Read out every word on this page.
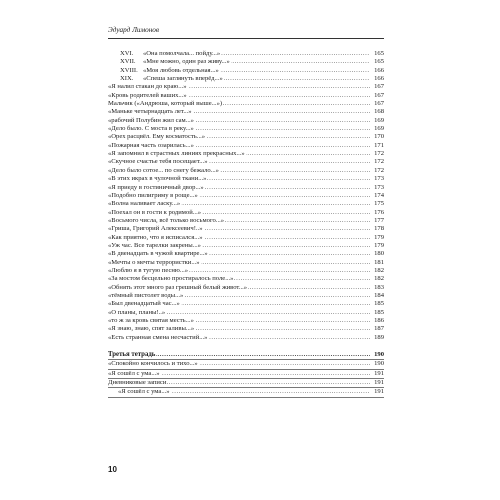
Эдуард Лимонов
XVI. «Она помолчала... пойду...» .....	165
XVII. «Мне можно, один раз живу...» .....	165
XVIII. «Моя любовь отдельная...» .....	166
XIX. «Спеша заглянуть вперёд...» .....	166
«Я налил стакан до краю...» .....	167
«Кровь родителей ваших...» .....	167
Мальчик («Андрюша, который выше...») .....	167
«Маньке четырнадцать лет...» .....	168
«рабочий Полубин жил сам...» .....	169
«Дело было. С моста в реку...» .....	169
«Орех расцвёл. Ему косматость...» .....	170
«Пожарная часть озарилась...» .....	171
«Я запомнил в страстных линиях прекрасных...» .....	172
«Скучное счастье тебя посещает...» .....	172
«Дело было сотое... по снегу бежало...» .....	172
«В этих икрах в чулочной ткани...» .....	173
«Я приеду в гостиничный двор...» .....	173
«Подобно пилигриму в роще...» .....	174
«Волна наливает ласку...» .....	175
«Поехал он в гости к родимой...» .....	176
«Восьмого числа, всё только восьмого...» .....	177
«Гриша, Григорий Алексеевич!..» .....	178
«Как приятно, что я исписался...» .....	179
«Уж час. Все тарелки закрены...» .....	179
«В двенадцать в чужой квартире...» .....	180
«Мечты о мечты террористки...» .....	181
«Люблю я в тугую песню...» .....	182
«За мостом бесцельно простиралось поле...» .....	182
«Обнять этот много раз грешный белый живот...» .....	183
«тёмный пистолет воды...» .....	184
«Был двенадцатый час...» .....	185
«О планы, планы!..» .....	185
«то ж за кровь святая месть...» .....	186
«Я знаю, знаю, спят заливы...» .....	187
«Есть странная смена несчастий...» .....	189
Третья тетрадь .....	190
«Спокойно кончилось и тихо...» .....	190
«Я сошёл с ума...» .....	191
Дневниковые записи .....	191
«Я сошёл с ума...» .....	191
10
